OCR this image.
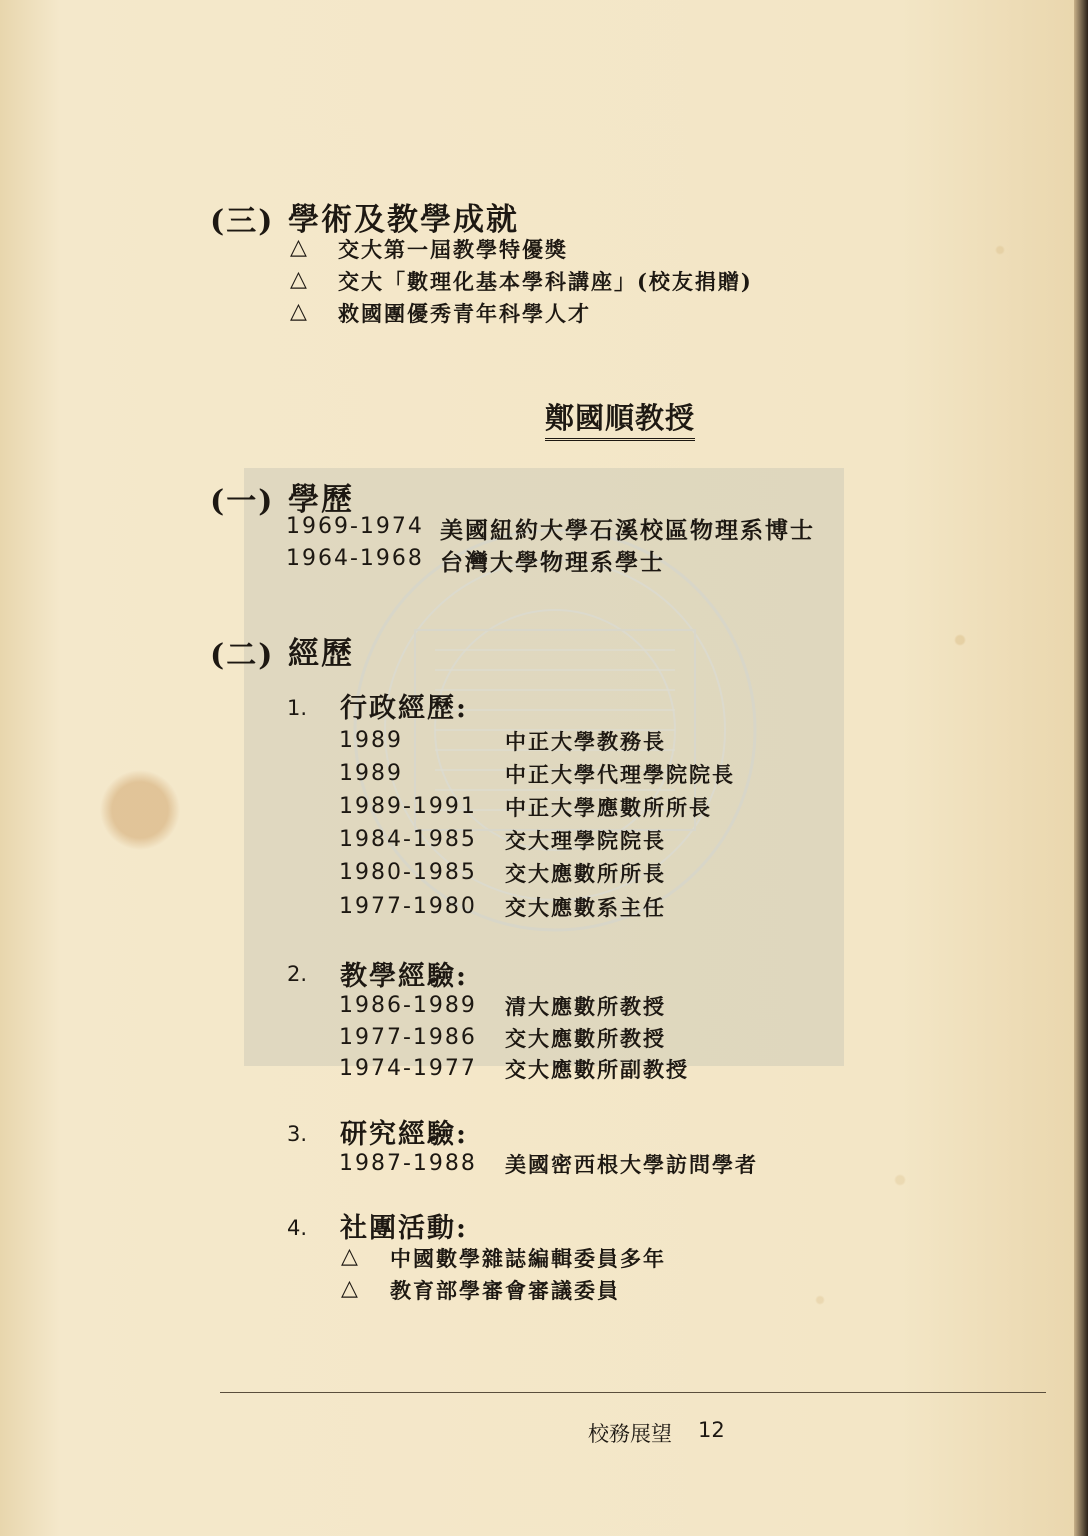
(三) 學術及教學成就
△ 交大第一屆教學特優獎
△ 交大「數理化基本學科講座」(校友捐贈)
△ 救國團優秀青年科學人才
鄭國順教授
(一) 學歷
1969-1974 美國紐約大學石溪校區物理系博士
1964-1968 台灣大學物理系學士
(二) 經歷
1. 行政經歷:
1989	中正大學教務長
1989	中正大學代理學院院長
1989-1991 中正大學應數所所長
1984-1985 交大理學院院長
1980-1985 交大應數所所長
1977-1980 交大應數系主任
2. 教學經驗:
1986-1989 清大應數所教授
1977-1986 交大應數所教授
1974-1977 交大應數所副教授
3. 研究經驗:
1987-1988 美國密西根大學訪問學者
4. 社團活動:
△ 中國數學雜誌編輯委員多年
△ 教育部學審會審議委員
校務展望 12
